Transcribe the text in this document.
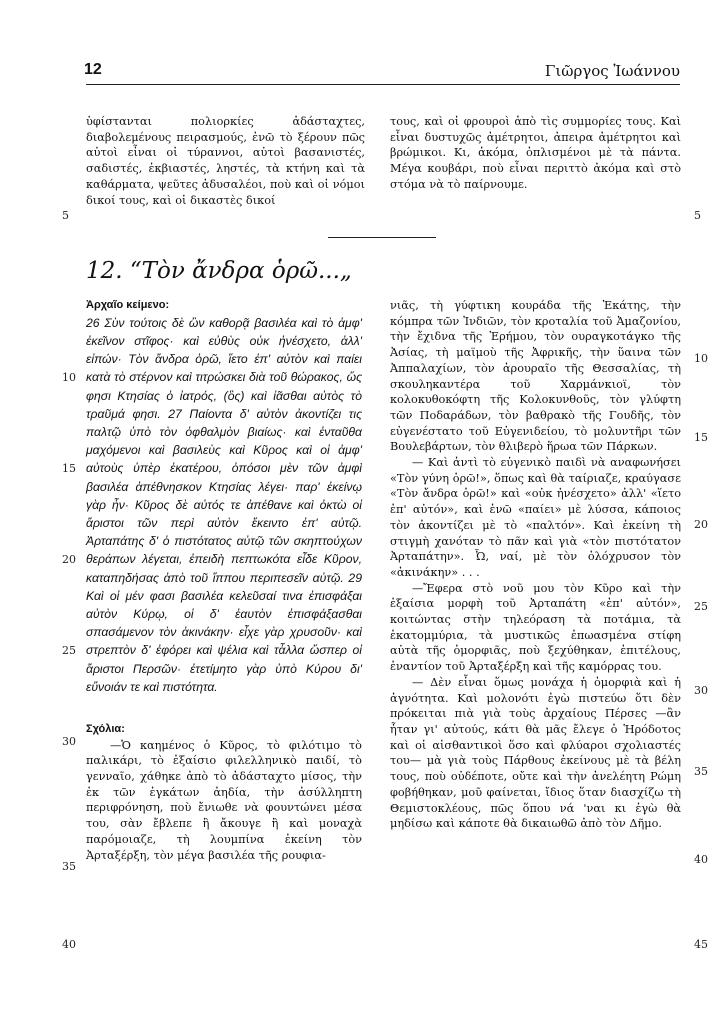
12	Γιῶργος Ἰωάννου

ὑφίστανται πολιορκίες ἀδάσταχτες, διαβολεμένους πειρασμούς, ἐνῶ τὸ ξέρουν πῶς αὐτοὶ εἶναι οἱ τύραννοι, αὐτοὶ βασανιστές, σαδιστές, ἐκβιαστές, ληστές, τὰ κτήνη καὶ τὰ καθάρματα, ψεῦτες ἀδυσαλέοι, ποὺ καὶ οἱ νόμοι δικοί τους, καὶ οἱ δικαστὲς δικοί

τους, καὶ οἱ φρουροὶ ἀπὸ τὶς συμμορίες τους. Καὶ εἶναι δυστυχῶς ἀμέτρητοι, ἀπειρα ἀμέτρητοι καὶ βρώμικοι. Κι, ἀκόμα, ὁπλισμένοι μὲ τὰ πάντα. Μέγα κουβάρι, ποὺ εἶναι περιττὸ ἀκόμα καὶ στὸ στόμα νὰ τὸ παίρνουμε.

5	5
12. “Τὸν ἄνδρα ὁρῶ...„

Ἀρχαῖο κείμενο:

26 Σὺν τούτοις δὲ ὢν καθορᾷ βασιλέα καὶ τὸ ἀμφ' ἐκεῖνον στῖφος· καὶ εὐθὺς οὐκ ἠνέσχετο, ἀλλ' εἰπών· Τὸν ἄνδρα ὁρῶ, ἵετο ἐπ' αὐτὸν καὶ παίει κατὰ τὸ στέρνον καὶ τιτρώσκει διὰ τοῦ θώρακος, ὥς φησι Κτησίας ὁ ἰατρός, (ὃς) καὶ ἰᾶσθαι αὐτὸς τὸ τραῦμά φησι. 27 Παίοντα δ' αὐτὸν ἀκοντίζει τις παλτῷ ὑπὸ τὸν ὀφθαλμὸν βιαίως· καὶ ἐνταῦθα μαχόμενοι καὶ βασιλεὺς καὶ Κῦρος καὶ οἱ ἀμφ' αὐτοὺς ὑπὲρ ἑκατέρου, ὁπόσοι μὲν τῶν ἀμφὶ βασιλέα ἀπέθνησκον Κτησίας λέγει· παρ' ἐκείνῳ γὰρ ἦν· Κῦρος δὲ αὐτός τε ἀπέθανε καὶ ὀκτὼ οἱ ἄριστοι τῶν περὶ αὐτὸν ἔκειντο ἐπ' αὐτῷ. Ἀρταπάτης δ' ὁ πιστότατος αὐτῷ τῶν σκηπτούχων θεράπων λέγεται, ἐπειδὴ πεπτωκότα εἶδε Κῦρον, καταπηδήσας ἀπὸ τοῦ ἵππου περιπεσεῖν αὐτῷ. 29 Καὶ οἱ μέν φασι βασιλέα κελεῦσαί τινα ἐπισφάξαι αὐτὸν Κύρῳ, οἱ δ' ἑαυτὸν ἐπισφάξασθαι σπασάμενον τὸν ἀκινάκην· εἶχε γὰρ χρυσοῦν· καὶ στρεπτὸν δ' ἐφόρει καὶ ψέλια καὶ τἆλλα ὥσπερ οἱ ἄριστοι Περσῶν· ἐτετίμητο γὰρ ὑπὸ Κύρου δι' εὔνοιάν τε καὶ πιστότητα.

Σχόλια:

—Ὁ καημένος ὁ Κῦρος, τὸ φιλότιμο τὸ παλικάρι, τὸ ἐξαίσιο φιλελληνικὸ παιδί, τὸ γενναῖο, χάθηκε ἀπὸ τὸ ἀδάσταχτο μίσος, τὴν ἐκ τῶν ἐγκάτων ἀηδία, τὴν ἀσύλληπτη περιφρόνηση, ποὺ ἔνιωθε νὰ φουντώνει μέσα του, σὰν ἔβλεπε ἢ ἄκουγε ἢ καὶ μοναχὰ παρόμοιαζε, τὴ λουμπίνα ἐκείνη τὸν Ἀρταξέρξη, τὸν μέγα βασιλέα τῆς ρουφια-

νιᾶς, τὴ γύφτικη κουράδα τῆς Ἑκάτης, τὴν κόμπρα τῶν Ἰνδιῶν, τὸν κροταλία τοῦ Ἀμαζονίου, τὴν ἔχιδνα τῆς Ἐρήμου, τὸν ουραγκοτάγκο τῆς Ἀσίας, τὴ μαϊμοὺ τῆς Ἀφρικῆς, τὴν ὕαινα τῶν Ἀππαλαχίων, τὸν ἀρουραῖο τῆς Θεσσαλίας, τὴ σκουληκαντέρα τοῦ Χαρμάνκιοϊ, τὸν κολοκυθοκόφτη τῆς Κολοκυνθοῦς, τὸν γλύφτη τῶν Ποδαράδων, τὸν βαθρακὸ τῆς Γουδῆς, τὸν εὐγενέστατο τοῦ Εὐγενιδείου, τὸ μολυντῆρι τῶν Βουλεβάρτων, τὸν θλιβερὸ ἥρωα τῶν Πάρκων.

— Καὶ ἀντὶ τὸ εὐγενικὸ παιδὶ νὰ αναφωνήσει «Τὸν γύνη ὁρῶ!», ὅπως καὶ θὰ ταίριαζε, κραύγασε «Τὸν ἄνδρα ὁρῶ!» καὶ «οὐκ ἠνέσχετο» ἀλλ' «ἵετο ἐπ' αὐτόν», καὶ ἐνῶ «παίει» μὲ λύσσα, κάποιος τὸν ἀκοντίζει μὲ τὸ «παλτόν». Καὶ ἐκείνη τὴ στιγμὴ χανόταν τὸ πᾶν καὶ γιὰ «τὸν πιστότατον Ἀρταπάτην». Ὦ, ναί, μὲ τὸν ὁλόχρυσον τὸν «ἀκινάκην» . . .

—Ἔφερα στὸ νοῦ μου τὸν Κῦρο καὶ τὴν ἐξαίσια μορφὴ τοῦ Ἀρταπάτη «ἐπ' αὐτόν», κοιτώντας στὴν τηλεόραση τὰ ποτάμια, τὰ ἑκατομμύρια, τὰ μυστικῶς ἐπωασμένα στίφη αὐτὰ τῆς ὁμορφιᾶς, ποὺ ξεχύθηκαν, ἐπιτέλους, ἐναντίον τοῦ Ἀρταξέρξη καὶ τῆς καμόρρας του.

— Δὲν εἶναι ὅμως μονάχα ἡ ὀμορφιὰ καὶ ἡ ἀγνότητα. Καὶ μολονότι ἐγὼ πιστεύω ὅτι δὲν πρόκειται πιὰ γιὰ τοὺς ἀρχαίους Πέρσες —ἂν ἦταν γι' αὐτούς, κάτι θὰ μᾶς ἔλεγε ὁ Ἡρόδοτος καὶ οἱ αἰσθαντικοὶ ὅσο καὶ φλύαροι σχολιαστές του— μὰ γιὰ τοὺς Πάρθους ἐκείνους μὲ τὰ βέλη τους, ποὺ οὐδέποτε, οὔτε καὶ τὴν ἀνελέητη Ρώμη φοβήθηκαν, μοῦ φαίνεται, ἴδιος ὅταν διασχίζω τὴ Θεμιστοκλέους, πῶς ὅπου νά 'ναι κι ἐγὼ θὰ μηδίσω καὶ κάποτε θὰ δικαιωθῶ ἀπὸ τὸν Δῆμο.

10
15
20
25
30
35
40
10
15
20
25
30
35
40
45
